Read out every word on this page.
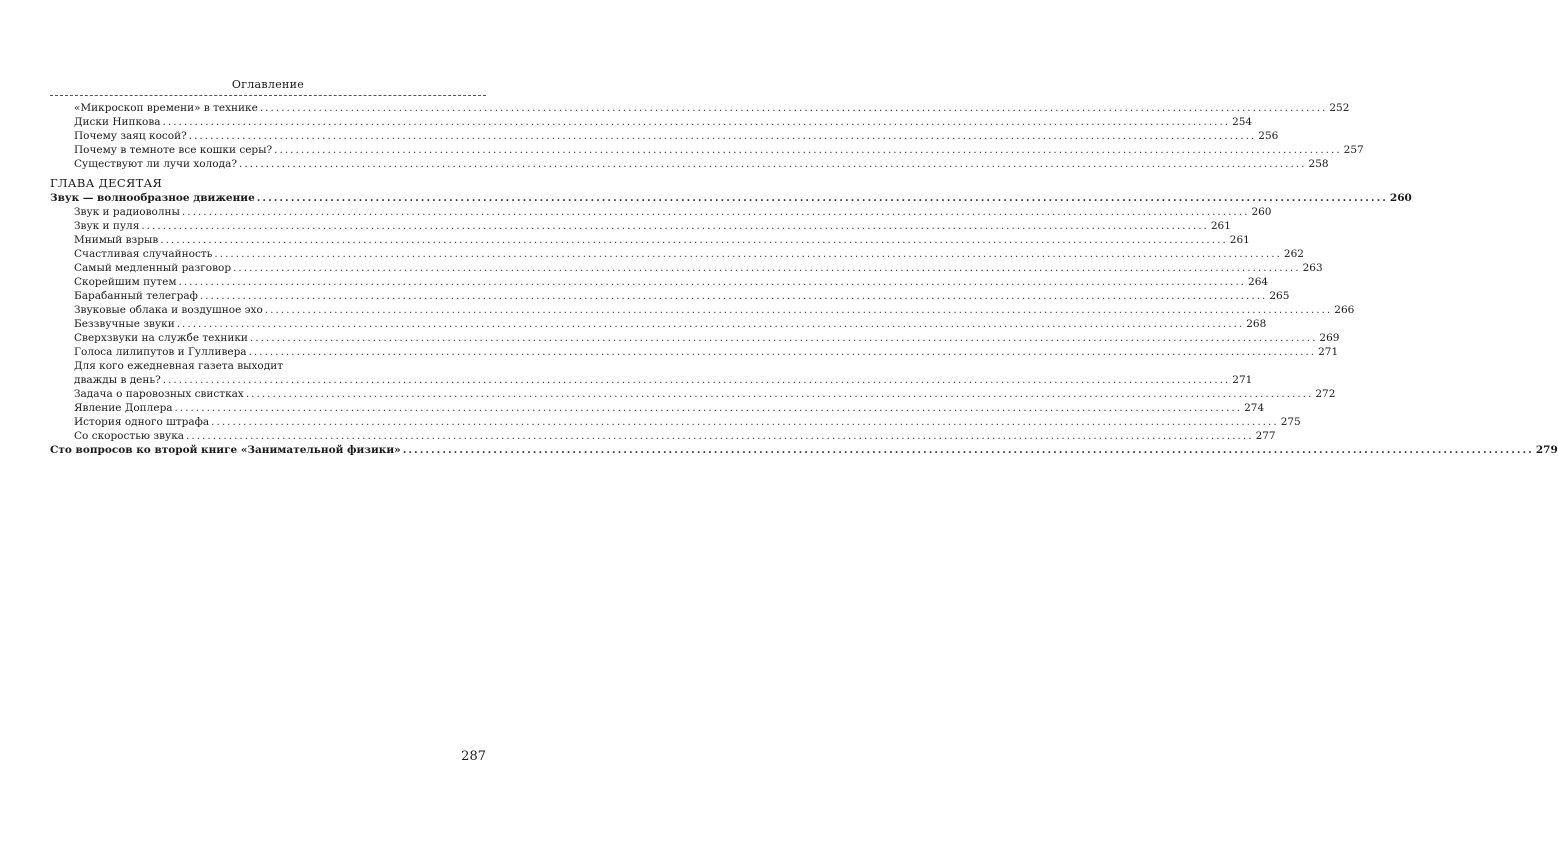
Оглавление
«Микроскоп времени» в технике ........................................................................................................................................................................................................ 252
Диски Нипкова ........................................................................................................................................................................................................ 254
Почему заяц косой? ........................................................................................................................................................................................................ 256
Почему в темноте все кошки серы? ........................................................................................................................................................................................................ 257
Существуют ли лучи холода? ........................................................................................................................................................................................................ 258
ГЛАВА ДЕСЯТАЯ
Звук — волнообразное движение ........................................................................................................................................................................................................ 260
Звук и радиоволны ........................................................................................................................................................................................................ 260
Звук и пуля ........................................................................................................................................................................................................ 261
Мнимый взрыв ........................................................................................................................................................................................................ 261
Счастливая случайность ........................................................................................................................................................................................................ 262
Самый медленный разговор ........................................................................................................................................................................................................ 263
Скорейшим путем ........................................................................................................................................................................................................ 264
Барабанный телеграф ........................................................................................................................................................................................................ 265
Звуковые облака и воздушное эхо ........................................................................................................................................................................................................ 266
Беззвучные звуки ........................................................................................................................................................................................................ 268
Сверхзвуки на службе техники ........................................................................................................................................................................................................ 269
Голоса лилипутов и Гулливера ........................................................................................................................................................................................................ 271
Для кого ежедневная газета выходит
дважды в день? ........................................................................................................................................................................................................ 271
Задача о паровозных свистках ........................................................................................................................................................................................................ 272
Явление Доплера ........................................................................................................................................................................................................ 274
История одного штрафа ........................................................................................................................................................................................................ 275
Со скоростью звука ........................................................................................................................................................................................................ 277
Сто вопросов ко второй книге «Занимательной физики» ........................................................................................................................................................................................................ 279
287
